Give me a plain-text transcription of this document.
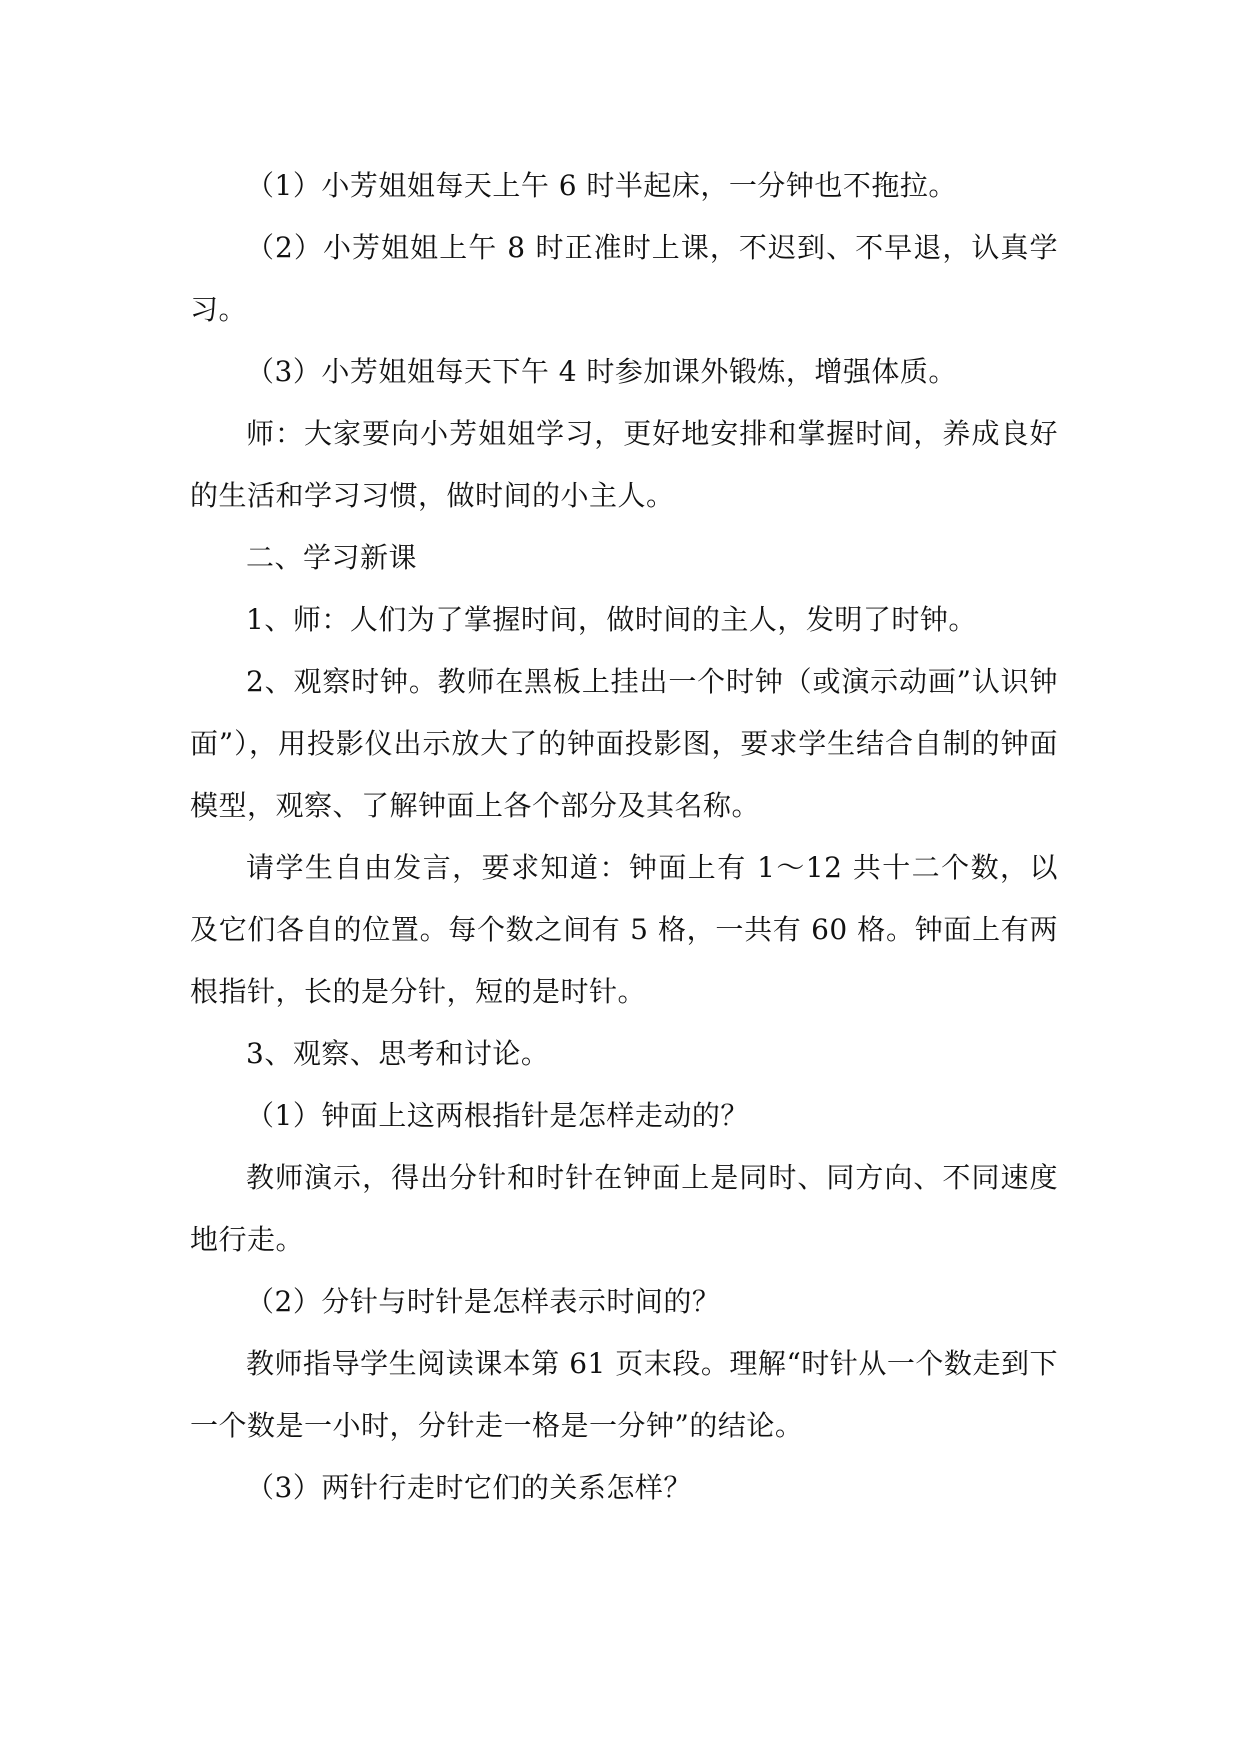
（1）小芳姐姐每天上午 6 时半起床，一分钟也不拖拉。

（2）小芳姐姐上午 8 时正准时上课，不迟到、不早退，认真学习。

（3）小芳姐姐每天下午 4 时参加课外锻炼，增强体质。

师：大家要向小芳姐姐学习，更好地安排和掌握时间，养成良好的生活和学习习惯，做时间的小主人。

二、学习新课

1、师：人们为了掌握时间，做时间的主人，发明了时钟。

2、观察时钟。教师在黑板上挂出一个时钟（或演示动画”认识钟面”），用投影仪出示放大了的钟面投影图，要求学生结合自制的钟面模型，观察、了解钟面上各个部分及其名称。

请学生自由发言，要求知道：钟面上有 1～12 共十二个数，以及它们各自的位置。每个数之间有 5 格，一共有 60 格。钟面上有两根指针，长的是分针，短的是时针。

3、观察、思考和讨论。

（1）钟面上这两根指针是怎样走动的？

教师演示，得出分针和时针在钟面上是同时、同方向、不同速度地行走。

（2）分针与时针是怎样表示时间的？

教师指导学生阅读课本第 61 页末段。理解“时针从一个数走到下一个数是一小时，分针走一格是一分钟”的结论。

（3）两针行走时它们的关系怎样？
